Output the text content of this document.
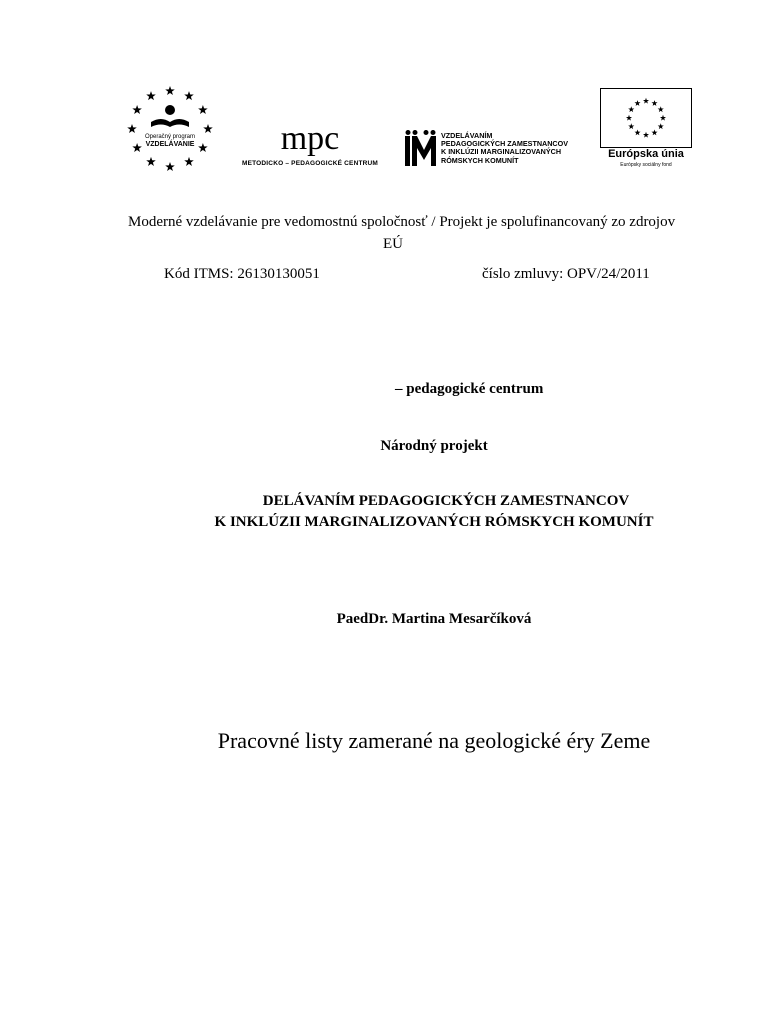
Operačný program
VZDELÁVANIE	mpc
METODICKO – PEDAGOGICKÉ CENTRUM
VZDELÁVANÍM
PEDAGOGICKÝCH ZAMESTNANCOV
K INKLÚZII MARGINALIZOVANÝCH
RÓMSKYCH KOMUNÍT
Európska únia
Európsky sociálny fond
Moderné vzdelávanie pre vedomostnú spoločnosť / Projekt je spolufinancovaný zo zdrojov
EÚ
Kód ITMS: 26130130051	číslo zmluvy: OPV/24/2011
– pedagogické centrum
Národný projekt
DELÁVANÍM PEDAGOGICKÝCH ZAMESTNANCOV
K INKLÚZII MARGINALIZOVANÝCH RÓMSKYCH KOMUNÍT
PaedDr. Martina Mesarčíková
Pracovné listy zamerané na geologické éry Zeme
